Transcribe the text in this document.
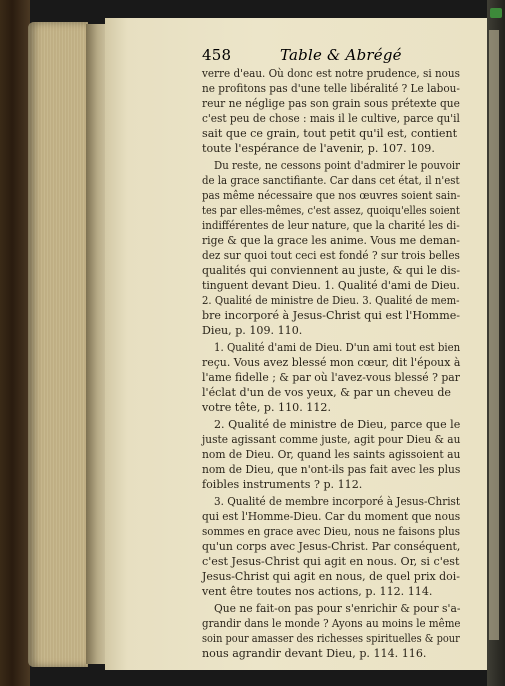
458	Table & Abrégé
verre d'eau. Où donc est notre prudence, si nous
ne profitons pas d'une telle libéralité ? Le labou-
reur ne néglige pas son grain sous prétexte que
c'est peu de chose : mais il le cultive, parce qu'il
sait que ce grain, tout petit qu'il est, contient
toute l'espérance de l'avenir, p. 107. 109.
Du reste, ne cessons point d'admirer le pouvoir
de la grace sanctifiante. Car dans cet état, il n'est
pas même nécessaire que nos œuvres soient sain-
tes par elles-mêmes, c'est assez, quoiqu'elles soient
indifférentes de leur nature, que la charité les di-
rige & que la grace les anime. Vous me deman-
dez sur quoi tout ceci est fondé ? sur trois belles
qualités qui conviennent au juste, & qui le dis-
tinguent devant Dieu. 1. Qualité d'ami de Dieu.
2. Qualité de ministre de Dieu. 3. Qualité de mem-
bre incorporé à Jesus-Christ qui est l'Homme-
Dieu, p. 109. 110.
1. Qualité d'ami de Dieu. D'un ami tout est bien
reçu. Vous avez blessé mon cœur, dit l'époux à
l'ame fidelle ; & par où l'avez-vous blessé ? par
l'éclat d'un de vos yeux, & par un cheveu de
votre tête, p. 110. 112.
2. Qualité de ministre de Dieu, parce que le
juste agissant comme juste, agit pour Dieu & au
nom de Dieu. Or, quand les saints agissoient au
nom de Dieu, que n'ont-ils pas fait avec les plus
foibles instruments ? p. 112.
3. Qualité de membre incorporé à Jesus-Christ
qui est l'Homme-Dieu. Car du moment que nous
sommes en grace avec Dieu, nous ne faisons plus
qu'un corps avec Jesus-Christ. Par conséquent,
c'est Jesus-Christ qui agit en nous. Or, si c'est
Jesus-Christ qui agit en nous, de quel prix doi-
vent être toutes nos actions, p. 112. 114.
Que ne fait-on pas pour s'enrichir & pour s'a-
grandir dans le monde ? Ayons au moins le même
soin pour amasser des richesses spirituelles & pour
nous agrandir devant Dieu, p. 114. 116.
